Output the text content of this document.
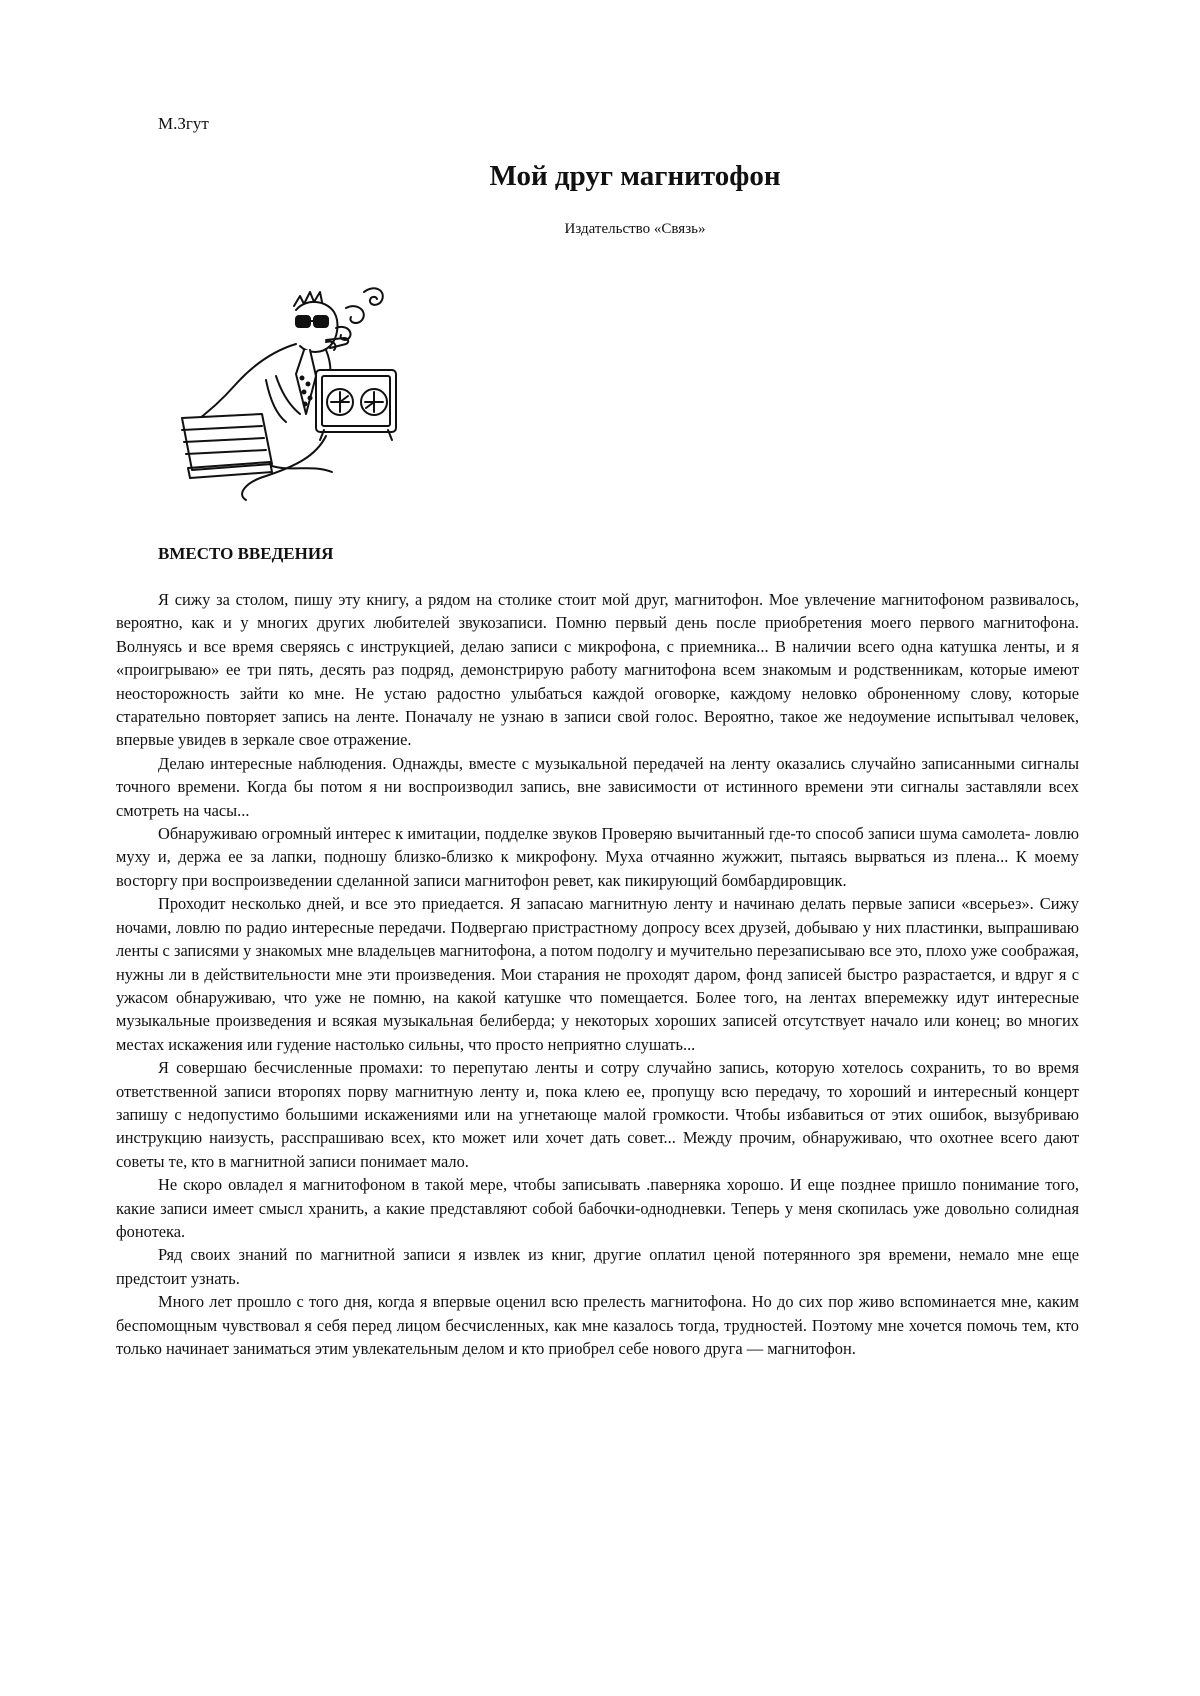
М.Згут
Мой друг магнитофон
Издательство «Связь»
ВМЕСТО ВВЕДЕНИЯ

Я сижу за столом, пишу эту книгу, а рядом на столике стоит мой друг, магнитофон. Мое увлечение магнитофоном развивалось, вероятно, как и у многих других любителей звукозаписи. Помню первый день после приобретения моего первого магнитофона. Волнуясь и все время сверяясь с инструкцией, делаю записи с микрофона, с приемника... В наличии всего одна катушка ленты, и я «проигрываю» ее три пять, десять раз подряд, демонстрирую работу магнитофона всем знакомым и родственникам, которые имеют неосторожность зайти ко мне. Не устаю радостно улыбаться каждой оговорке, каждому неловко оброненному слову, которые старательно повторяет запись на ленте. Поначалу не узнаю в записи свой голос. Вероятно, такое же недоумение испытывал человек, впервые увидев в зеркале свое отражение.

Делаю интересные наблюдения. Однажды, вместе с музыкальной передачей на ленту оказались случайно записанными сигналы точного времени. Когда бы потом я ни воспроизводил запись, вне зависимости от истинного времени эти сигналы заставляли всех смотреть на часы...

Обнаруживаю огромный интерес к имитации, подделке звуков Проверяю вычитанный где-то способ записи шума самолета- ловлю муху и, держа ее за лапки, подношу близко-близко к микрофону. Муха отчаянно жужжит, пытаясь вырваться из плена... К моему восторгу при воспроизведении сделанной записи магнитофон ревет, как пикирующий бомбардировщик.

Проходит несколько дней, и все это приедается. Я запасаю магнитную ленту и начинаю делать первые записи «всерьез». Сижу ночами, ловлю по радио интересные передачи. Подвергаю пристрастному допросу всех друзей, добываю у них пластинки, выпрашиваю ленты с записями у знакомых мне владельцев магнитофона, а потом подолгу и мучительно перезаписываю все это, плохо уже соображая, нужны ли в действительности мне эти произведения. Мои старания не проходят даром, фонд записей быстро разрастается, и вдруг я с ужасом обнаруживаю, что уже не помню, на какой катушке что помещается. Более того, на лентах вперемежку идут интересные музыкальные произведения и всякая музыкальная белиберда; у некоторых хороших записей отсутствует начало или конец; во многих местах искажения или гудение настолько сильны, что просто неприятно слушать...

Я совершаю бесчисленные промахи: то перепутаю ленты и сотру случайно запись, которую хотелось сохранить, то во время ответственной записи второпях порву магнитную ленту и, пока клею ее, пропущу всю передачу, то хороший и интересный концерт запишу с недопустимо большими искажениями или на угнетающе малой громкости. Чтобы избавиться от этих ошибок, вызубриваю инструкцию наизусть, расспрашиваю всех, кто может или хочет дать совет... Между прочим, обнаруживаю, что охотнее всего дают советы те, кто в магнитной записи понимает мало.

Не скоро овладел я магнитофоном в такой мере, чтобы записывать .паверняка хорошо. И еще позднее пришло понимание того, какие записи имеет смысл хранить, а какие представляют собой бабочки-однодневки. Теперь у меня скопилась уже довольно солидная фонотека.

Ряд своих знаний по магнитной записи я извлек из книг, другие оплатил ценой потерянного зря времени, немало мне еще предстоит узнать.

Много лет прошло с того дня, когда я впервые оценил всю прелесть магнитофона. Но до сих пор живо вспоминается мне, каким беспомощным чувствовал я себя перед лицом бесчисленных, как мне казалось тогда, трудностей. Поэтому мне хочется помочь тем, кто только начинает заниматься этим увлекательным делом и кто приобрел себе нового друга — магнитофон.
